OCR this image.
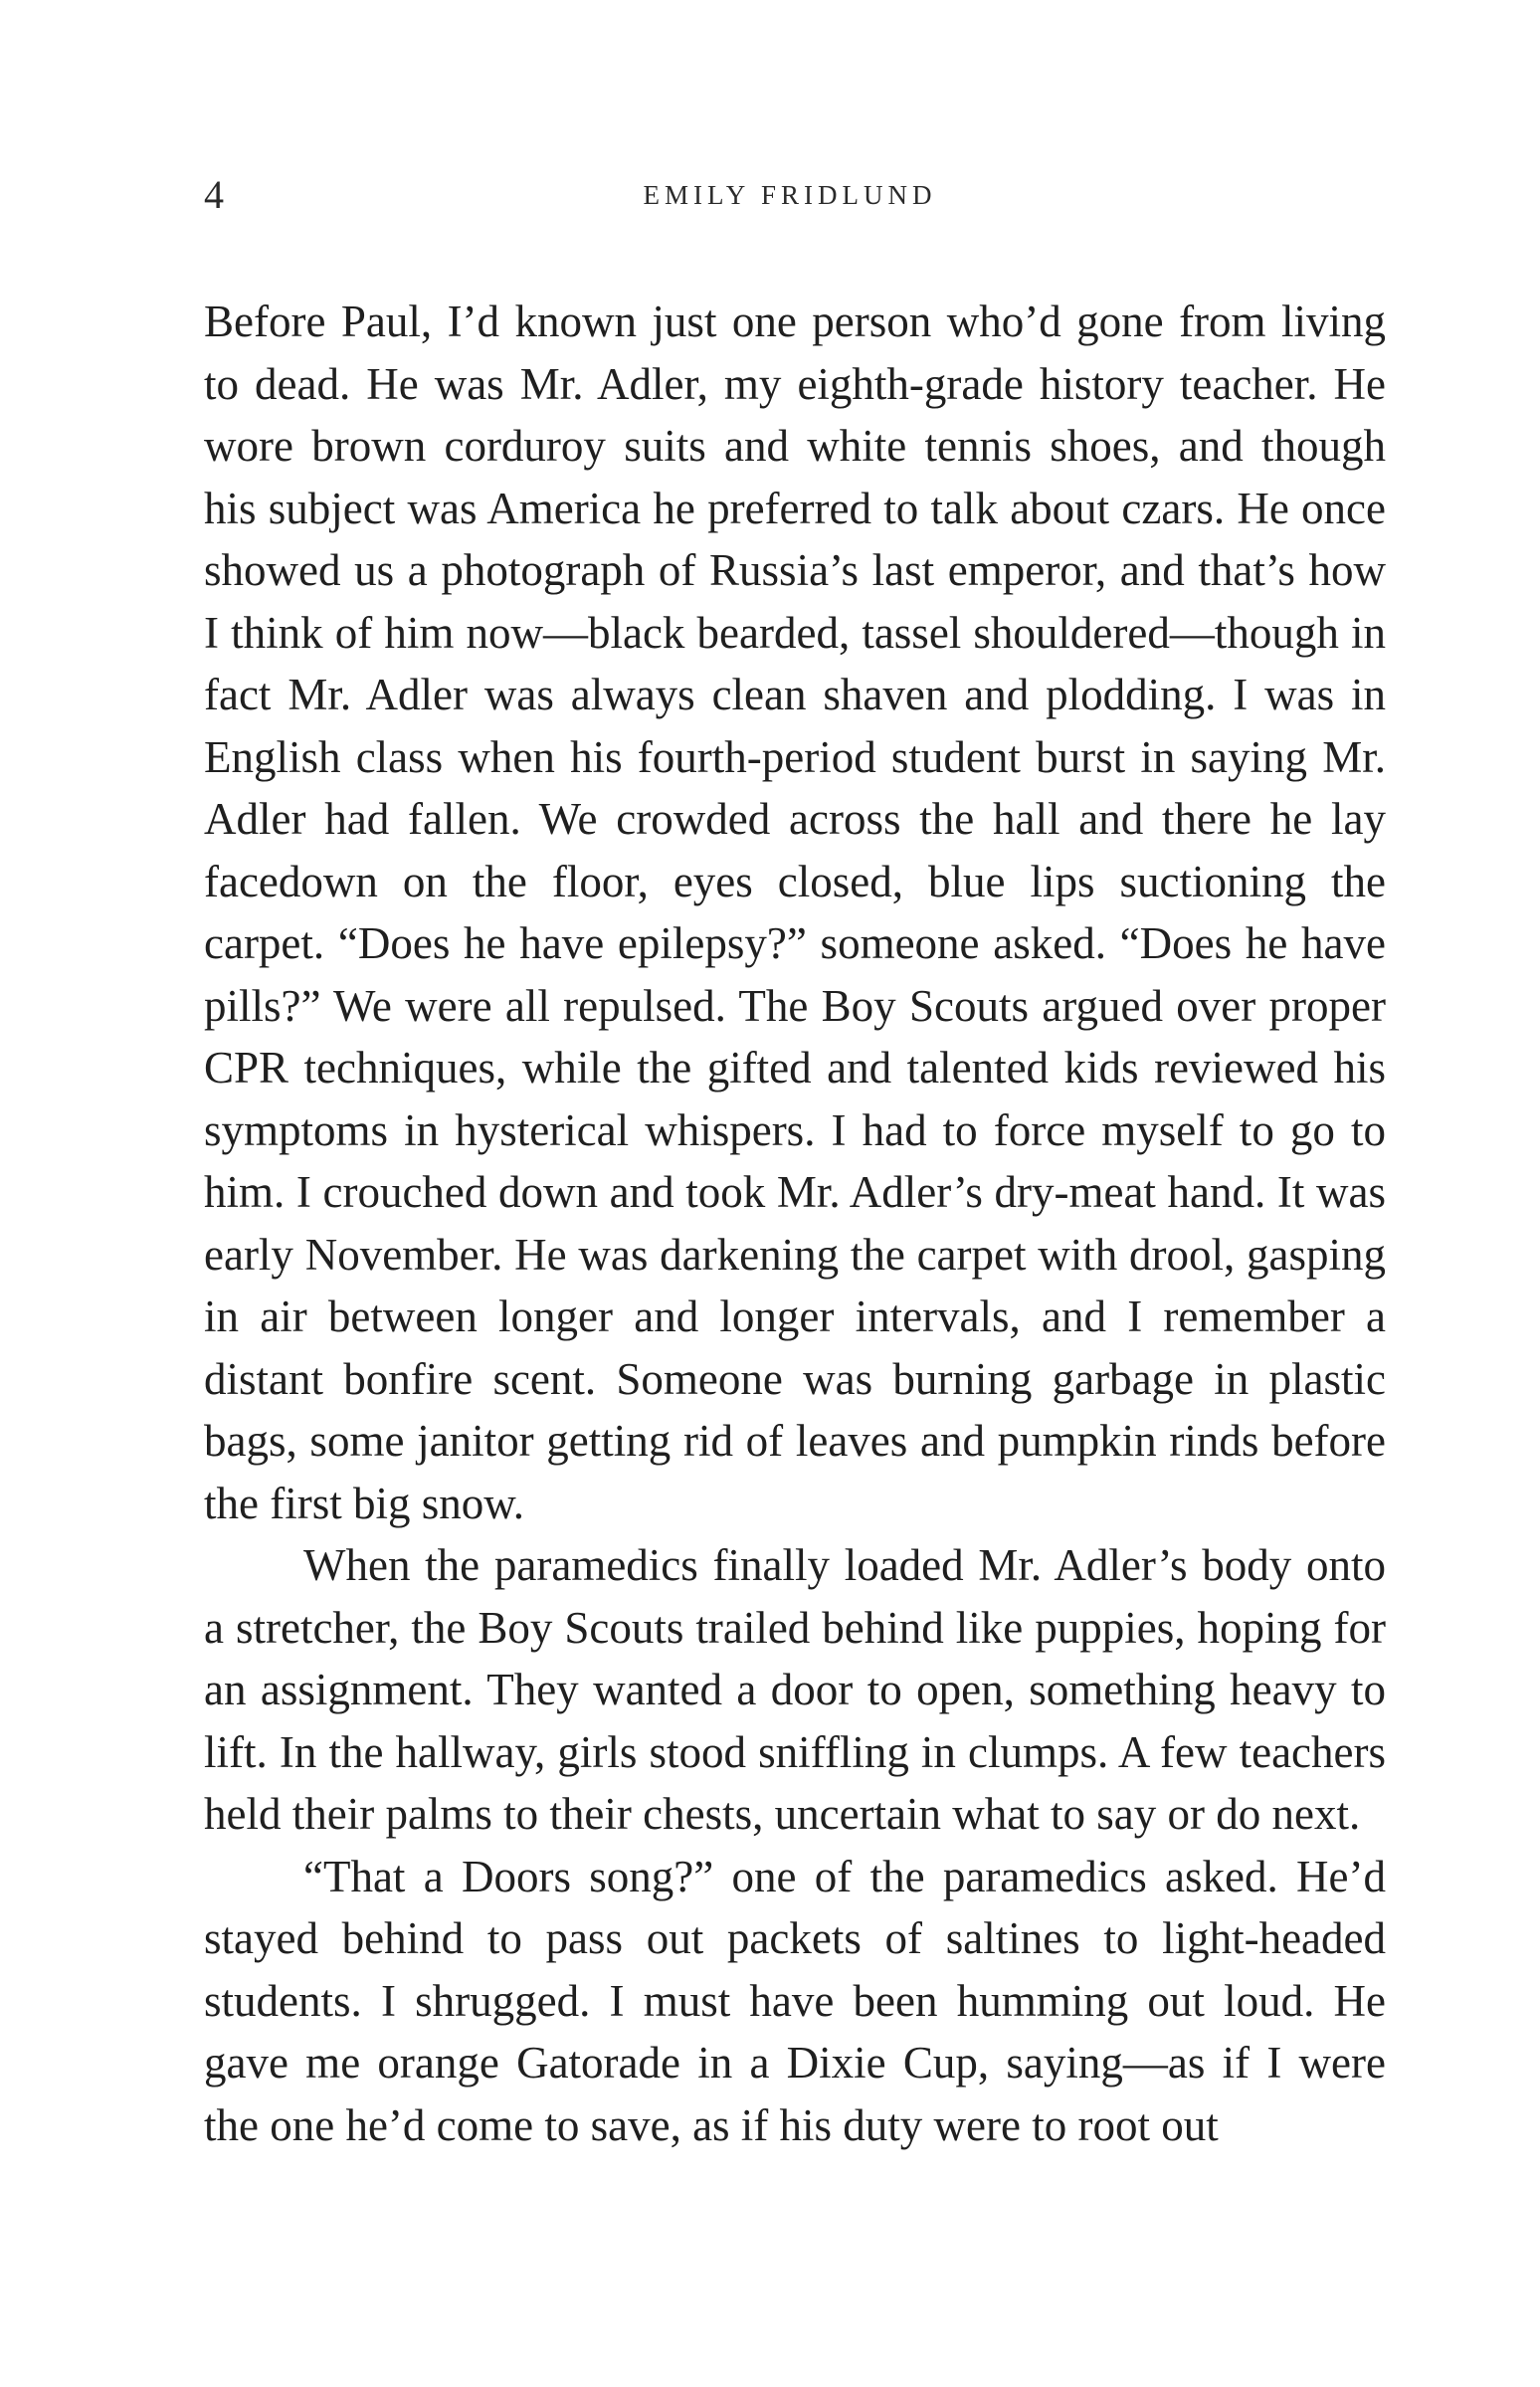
4	EMILY FRIDLUND

Before Paul, I’d known just one person who’d gone from living to dead. He was Mr. Adler, my eighth-grade history teacher. He wore brown corduroy suits and white tennis shoes, and though his subject was America he preferred to talk about czars. He once showed us a photograph of Russia’s last emperor, and that’s how I think of him now—black bearded, tassel shouldered—though in fact Mr. Adler was always clean shaven and plodding. I was in English class when his fourth-period student burst in saying Mr. Adler had fallen. We crowded across the hall and there he lay facedown on the floor, eyes closed, blue lips suctioning the carpet. “Does he have epilepsy?” someone asked. “Does he have pills?” We were all repulsed. The Boy Scouts argued over proper CPR techniques, while the gifted and talented kids reviewed his symptoms in hysterical whispers. I had to force myself to go to him. I crouched down and took Mr. Adler’s dry-meat hand. It was early November. He was darkening the carpet with drool, gasping in air between longer and longer intervals, and I remember a distant bonfire scent. Someone was burning garbage in plastic bags, some janitor getting rid of leaves and pumpkin rinds before the first big snow.

When the paramedics finally loaded Mr. Adler’s body onto a stretcher, the Boy Scouts trailed behind like puppies, hoping for an assignment. They wanted a door to open, something heavy to lift. In the hallway, girls stood sniffling in clumps. A few teachers held their palms to their chests, uncertain what to say or do next.

“That a Doors song?” one of the paramedics asked. He’d stayed behind to pass out packets of saltines to light-headed students. I shrugged. I must have been humming out loud. He gave me orange Gatorade in a Dixie Cup, saying—as if I were the one he’d come to save, as if his duty were to root out
